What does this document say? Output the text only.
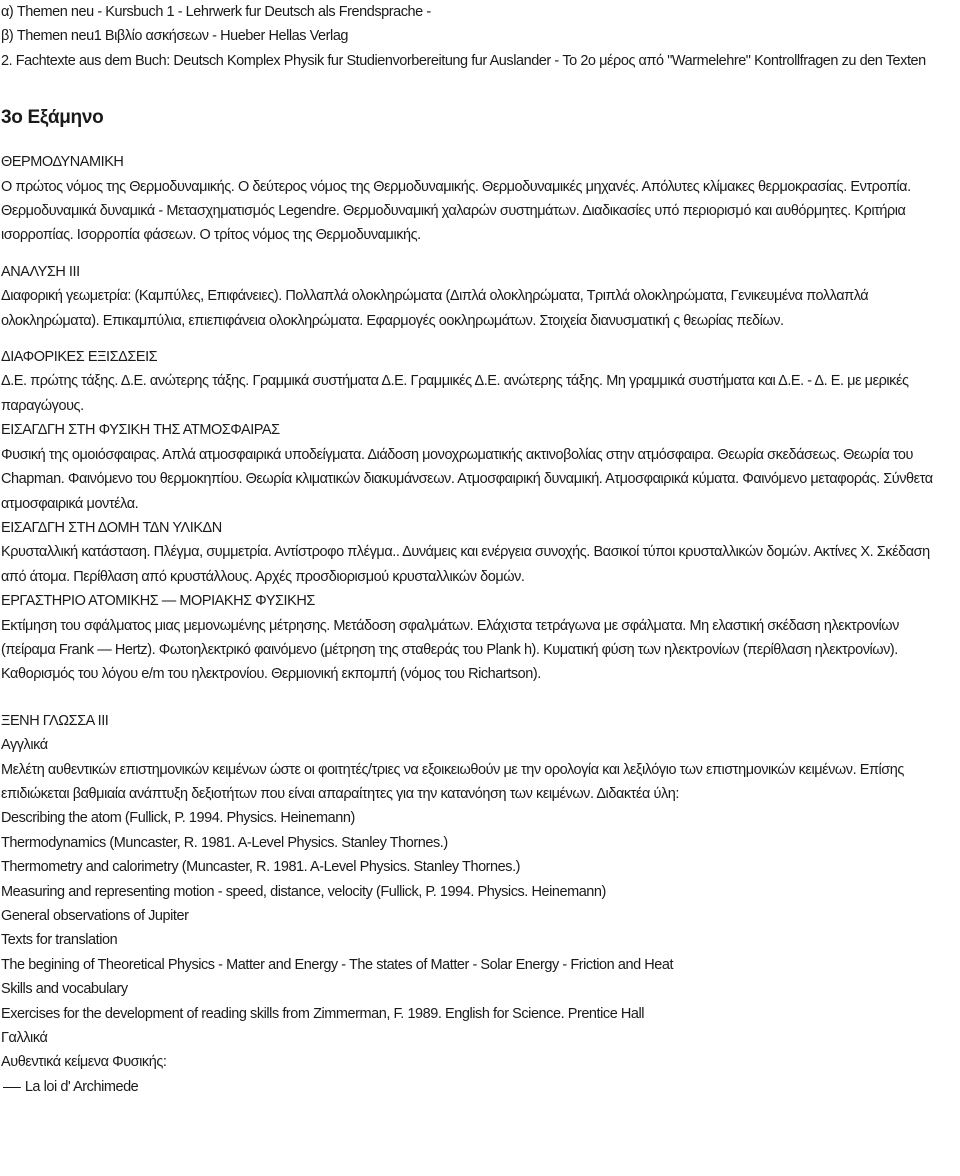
α) Themen neu - Kursbuch 1 - Lehrwerk fur Deutsch als Frendsprache -
β) Themen neu1 Βιβλίο ασκήσεων - Hueber Hellas Verlag
2. Fachtexte aus dem Buch: Deutsch Komplex Physik fur Studienvorbereitung fur Auslander - Το 2ο μέρος από "Warmelehre" Kontrollfragen zu den Texten
3ο Εξάμηνο
ΘΕΡΜΟΔΥΝΑΜΙΚΗ
Ο πρώτος νόμος της Θερμοδυναμικής. Ο δεύτερος νόμος της Θερμοδυναμικής. Θερμοδυναμικές μηχανές. Απόλυτες κλίμακες θερμοκρασίας. Εντροπία.
Θερμοδυναμικά δυναμικά - Μετασχηματισμός Legendre. Θερμοδυναμική χαλαρών συστημάτων. Διαδικασίες υπό περιορισμό και αυθόρμητες. Κριτήρια
ισορροπίας. Ισορροπία φάσεων. Ο τρίτος νόμος της Θερμοδυναμικής.
ΑΝΑΛΥΣΗ ΙΙΙ
Διαφορική γεωμετρία: (Καμπύλες, Επιφάνειες). Πολλαπλά ολοκληρώματα (Διπλά ολοκληρώματα, Τριπλά ολοκληρώματα, Γενικευμένα πολλαπλά
ολοκληρώματα). Επικαμπύλια, επιεπιφάνεια ολοκληρώματα. Εφαρμογές οοκληρωμάτων. Στοιχεία διανυσματική ς θεωρίας πεδίων.
ΔΙΑΦΟΡΙΚΕΣ ΕΞΙΣΔΣΕΙΣ
Δ.Ε. πρώτης τάξης. Δ.Ε. ανώτερης τάξης. Γραμμικά συστήματα Δ.Ε. Γραμμικές Δ.Ε. ανώτερης τάξης. Μη γραμμικά συστήματα και Δ.Ε. - Δ. Ε. με μερικές
παραγώγους.
ΕΙΣΑΓΔΓΗ ΣΤΗ ΦΥΣΙΚΗ ΤΗΣ ΑΤΜΟΣΦΑΙΡΑΣ
Φυσική της ομοιόσφαιρας. Απλά ατμοσφαιρικά υποδείγματα. Διάδοση μονοχρωματικής ακτινοβολίας στην ατμόσφαιρα. Θεωρία σκεδάσεως. Θεωρία του
Chapman. Φαινόμενο του θερμοκηπίου. Θεωρία κλιματικών διακυμάνσεων. Ατμοσφαιρική δυναμική. Ατμοσφαιρικά κύματα. Φαινόμενο μεταφοράς. Σύνθετα
ατμοσφαιρικά μοντέλα.
ΕΙΣΑΓΔΓΗ ΣΤΗ ΔΟΜΗ ΤΔΝ ΥΛΙΚΔΝ
Κρυσταλλική κατάσταση. Πλέγμα, συμμετρία. Αντίστροφο πλέγμα.. Δυνάμεις και ενέργεια συνοχής. Βασικοί τύποι κρυσταλλικών δομών. Ακτίνες Χ. Σκέδαση
από άτομα. Περίθλαση από κρυστάλλους. Αρχές προσδιορισμού κρυσταλλικών δομών.
ΕΡΓΑΣΤΗΡΙΟ ΑΤΟΜΙΚΗΣ — ΜΟΡΙΑΚΗΣ ΦΥΣΙΚΗΣ
Εκτίμηση του σφάλματος μιας μεμονωμένης μέτρησης. Μετάδοση σφαλμάτων. Ελάχιστα τετράγωνα με σφάλματα. Μη ελαστική σκέδαση ηλεκτρονίων
(πείραμα Frank — Hertz). Φωτοηλεκτρικό φαινόμενο (μέτρηση της σταθεράς του Plank h). Κυματική φύση των ηλεκτρονίων (περίθλαση ηλεκτρονίων).
Καθορισμός του λόγου e/m του ηλεκτρονίου. Θερμιονική εκπομπή (νόμος του Richartson).
ΞΕΝΗ ΓΛΩΣΣΑ ΙΙΙ
Αγγλικά
Μελέτη αυθεντικών επιστημονικών κειμένων ώστε οι φοιτητές/τριες να εξοικειωθούν με την ορολογία και λεξιλόγιο των επιστημονικών κειμένων. Επίσης
επιδιώκεται βαθμιαία ανάπτυξη δεξιοτήτων που είναι απαραίτητες για την κατανόηση των κειμένων. Διδακτέα ύλη:
Describing the atom (Fullick, P. 1994. Physics. Heinemann)
Thermodynamics (Muncaster, R. 1981. A-Level Physics. Stanley Thornes.)
Thermometry and calorimetry (Muncaster, R. 1981. A-Level Physics. Stanley Thornes.)
Measuring and representing motion - speed, distance, velocity (Fullick, P. 1994. Physics. Heinemann)
General observations of Jupiter
Texts for translation
The begining of Theoretical Physics - Matter and Energy - The states of Matter - Solar Energy - Friction and Heat
Skills and vocabulary
Exercises for the development of reading skills from Zimmerman, F. 1989. English for Science. Prentice Hall
Γαλλικά
Αυθεντικά κείμενα Φυσικής:
La loi d' Archimede
